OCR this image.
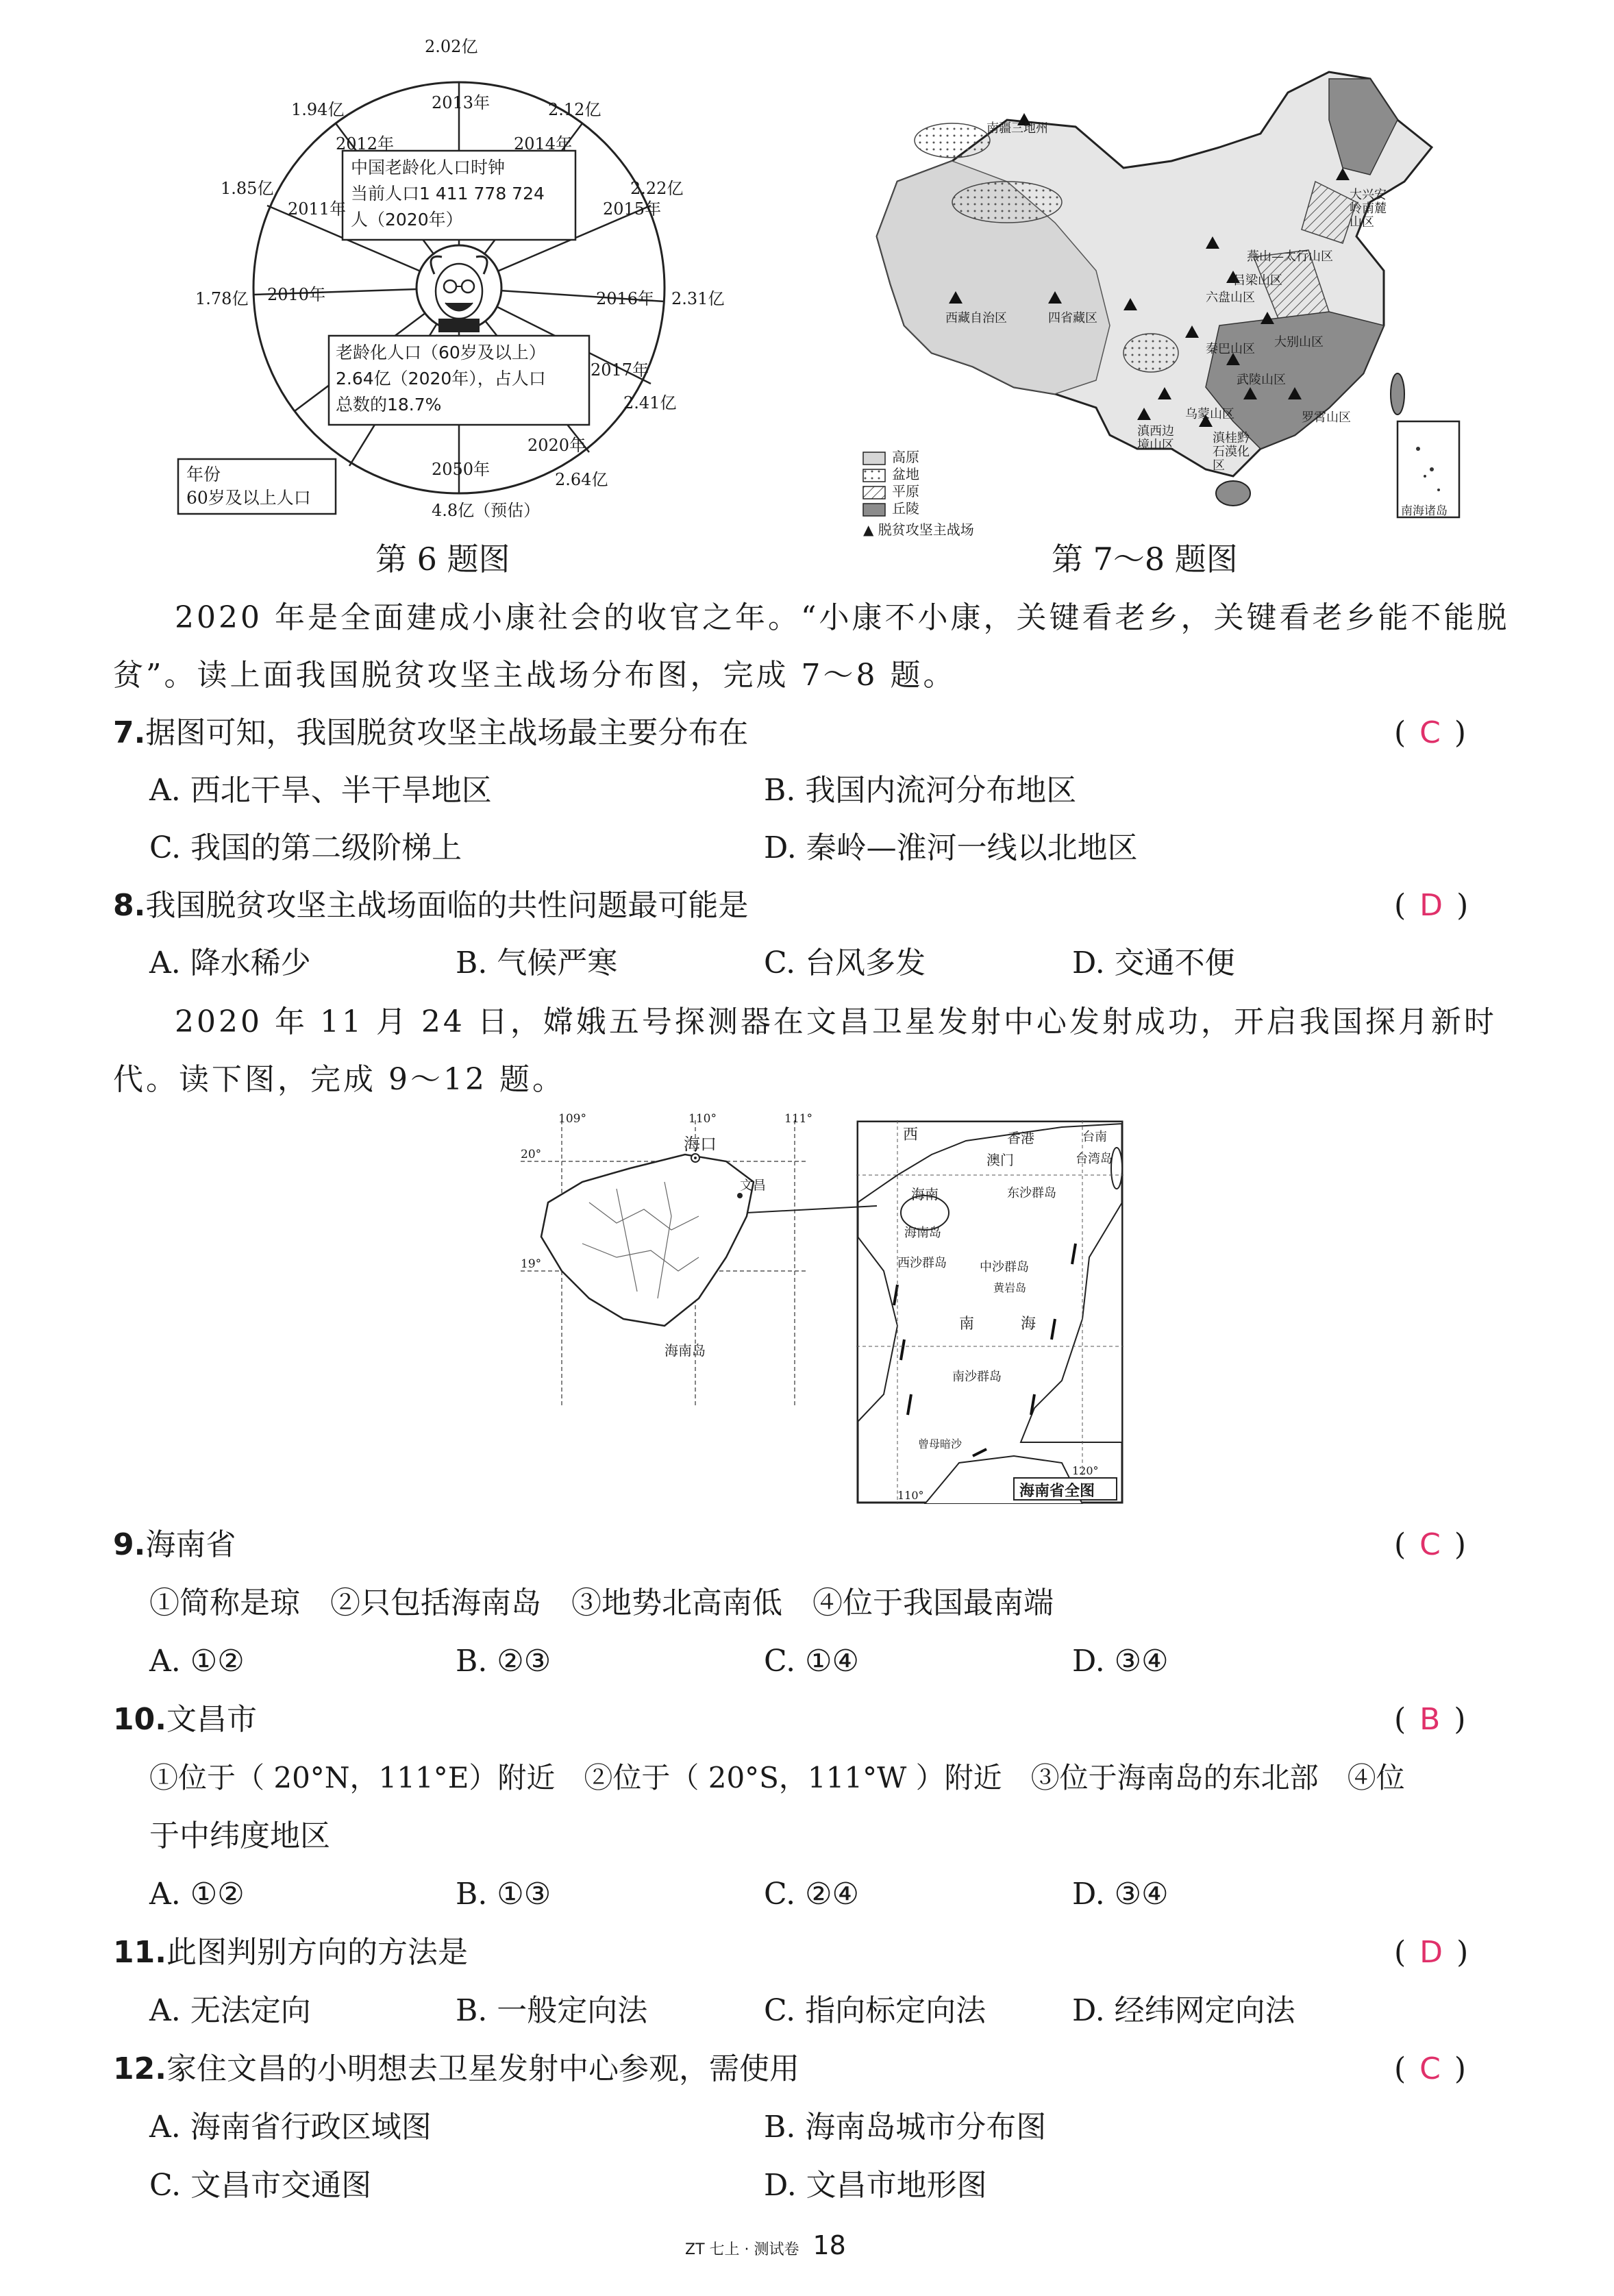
中国老龄化人口时钟
当前人口1 411 778 724
人（2020年）
老龄化人口（60岁及以上）
2.64亿（2020年），占人口
总数的18.7%
年份
60岁及以上人口
2013年
2.02亿
2014年
2.12亿
2015年
2.22亿
2016年 2.31亿
2017年
2.41亿
2020年
2.64亿
2050年
4.8亿（预估）
2010年
1.78亿
2011年
1.85亿
2012年
1.94亿
第 6 题图
高原
盆地
平原
丘陵
▲ 脱贫攻坚主战场
大兴安岭南麓山区
燕山—太行山区
吕梁山区
六盘山区
秦巴山区 大别山区
武陵山区
罗霄山区
乌蒙山区
滇桂黔石漠化区
滇西边境山区
西藏自治区	四省藏区
南疆三地州
南海诸岛
第 7～8 题图
2020 年是全面建成小康社会的收官之年。“小康不小康，关键看老乡，关键看老乡能不能脱贫”。读上面我国脱贫攻坚主战场分布图，完成 7～8 题。
7.据图可知，我国脱贫攻坚主战场最主要分布在	(C)
A. 西北干旱、半干旱地区	B. 我国内流河分布地区
C. 我国的第二级阶梯上	D. 秦岭—淮河一线以北地区
8.我国脱贫攻坚主战场面临的共性问题最可能是	(D)
A. 降水稀少	B. 气候严寒	C. 台风多发	D. 交通不便
2020 年 11 月 24 日，嫦娥五号探测器在文昌卫星发射中心发射成功，开启我国探月新时代。读下图，完成 9～12 题。
109°	110°	111°
20°
19°
海口
文昌
海南岛
西	香港	台南
澳门	台湾岛
海南	东沙群岛
海南岛
西沙群岛	中沙群岛
黄岩岛
南	海
南沙群岛
曾母暗沙
110°
120°
海南省全图
9.海南省	(C)
①简称是琼　②只包括海南岛　③地势北高南低　④位于我国最南端
A. ①②	B. ②③	C. ①④	D. ③④
10.文昌市	(B)
①位于（ 20°N，111°E）附近　②位于（ 20°S，111°W ）附近　③位于海南岛的东北部　④位
于中纬度地区
A. ①②	B. ①③	C. ②④	D. ③④
11.此图判别方向的方法是	(D)
A. 无法定向	B. 一般定向法	C. 指向标定向法	D. 经纬网定向法
12.家住文昌的小明想去卫星发射中心参观，需使用	(C)
A. 海南省行政区域图	B. 海南岛城市分布图
C. 文昌市交通图	D. 文昌市地形图
ZT 七上 · 测试卷 18
